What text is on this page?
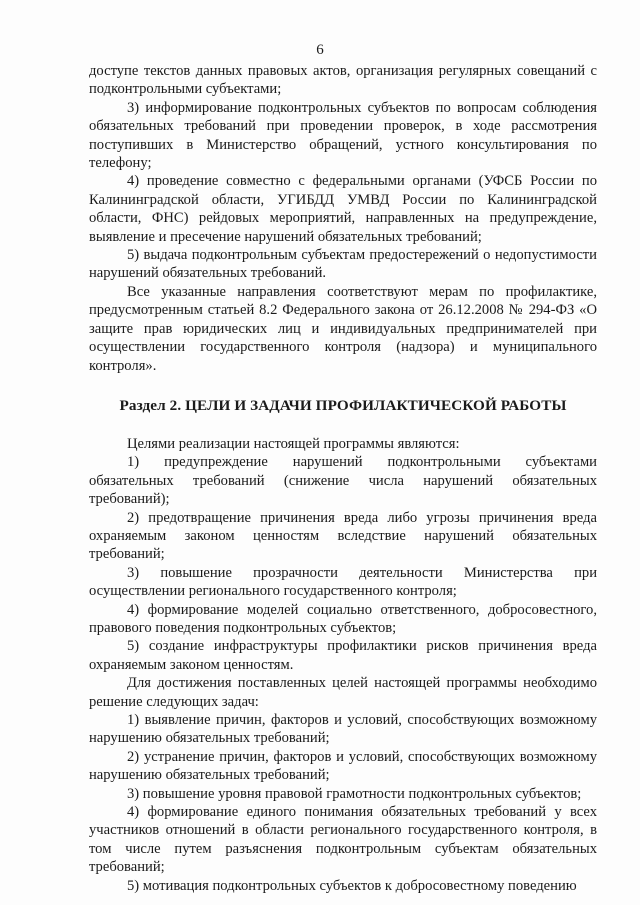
6

доступе текстов данных правовых актов, организация регулярных совещаний с подконтрольными субъектами;

3) информирование подконтрольных субъектов по вопросам соблюдения обязательных требований при проведении проверок, в ходе рассмотрения поступивших в Министерство обращений, устного консультирования по телефону;

4) проведение совместно с федеральными органами (УФСБ России по Калининградской области, УГИБДД УМВД России по Калининградской области, ФНС) рейдовых мероприятий, направленных на предупреждение, выявление и пресечение нарушений обязательных требований;

5) выдача подконтрольным субъектам предостережений о недопустимости нарушений обязательных требований.

Все указанные направления соответствуют мерам по профилактике, предусмотренным статьей 8.2 Федерального закона от 26.12.2008 № 294-ФЗ «О защите прав юридических лиц и индивидуальных предпринимателей при осуществлении государственного контроля (надзора) и муниципального контроля».

Раздел 2. ЦЕЛИ И ЗАДАЧИ ПРОФИЛАКТИЧЕСКОЙ РАБОТЫ

Целями реализации настоящей программы являются:

1) предупреждение нарушений подконтрольными субъектами обязательных требований (снижение числа нарушений обязательных требований);

2) предотвращение причинения вреда либо угрозы причинения вреда охраняемым законом ценностям вследствие нарушений обязательных требований;

3) повышение прозрачности деятельности Министерства при осуществлении регионального государственного контроля;

4) формирование моделей социально ответственного, добросовестного, правового поведения подконтрольных субъектов;

5) создание инфраструктуры профилактики рисков причинения вреда охраняемым законом ценностям.

Для достижения поставленных целей настоящей программы необходимо решение следующих задач:

1) выявление причин, факторов и условий, способствующих возможному нарушению обязательных требований;

2) устранение причин, факторов и условий, способствующих возможному нарушению обязательных требований;

3) повышение уровня правовой грамотности подконтрольных субъектов;

4) формирование единого понимания обязательных требований у всех участников отношений в области регионального государственного контроля, в том числе путем разъяснения подконтрольным субъектам обязательных требований;

5) мотивация подконтрольных субъектов к добросовестному поведению
